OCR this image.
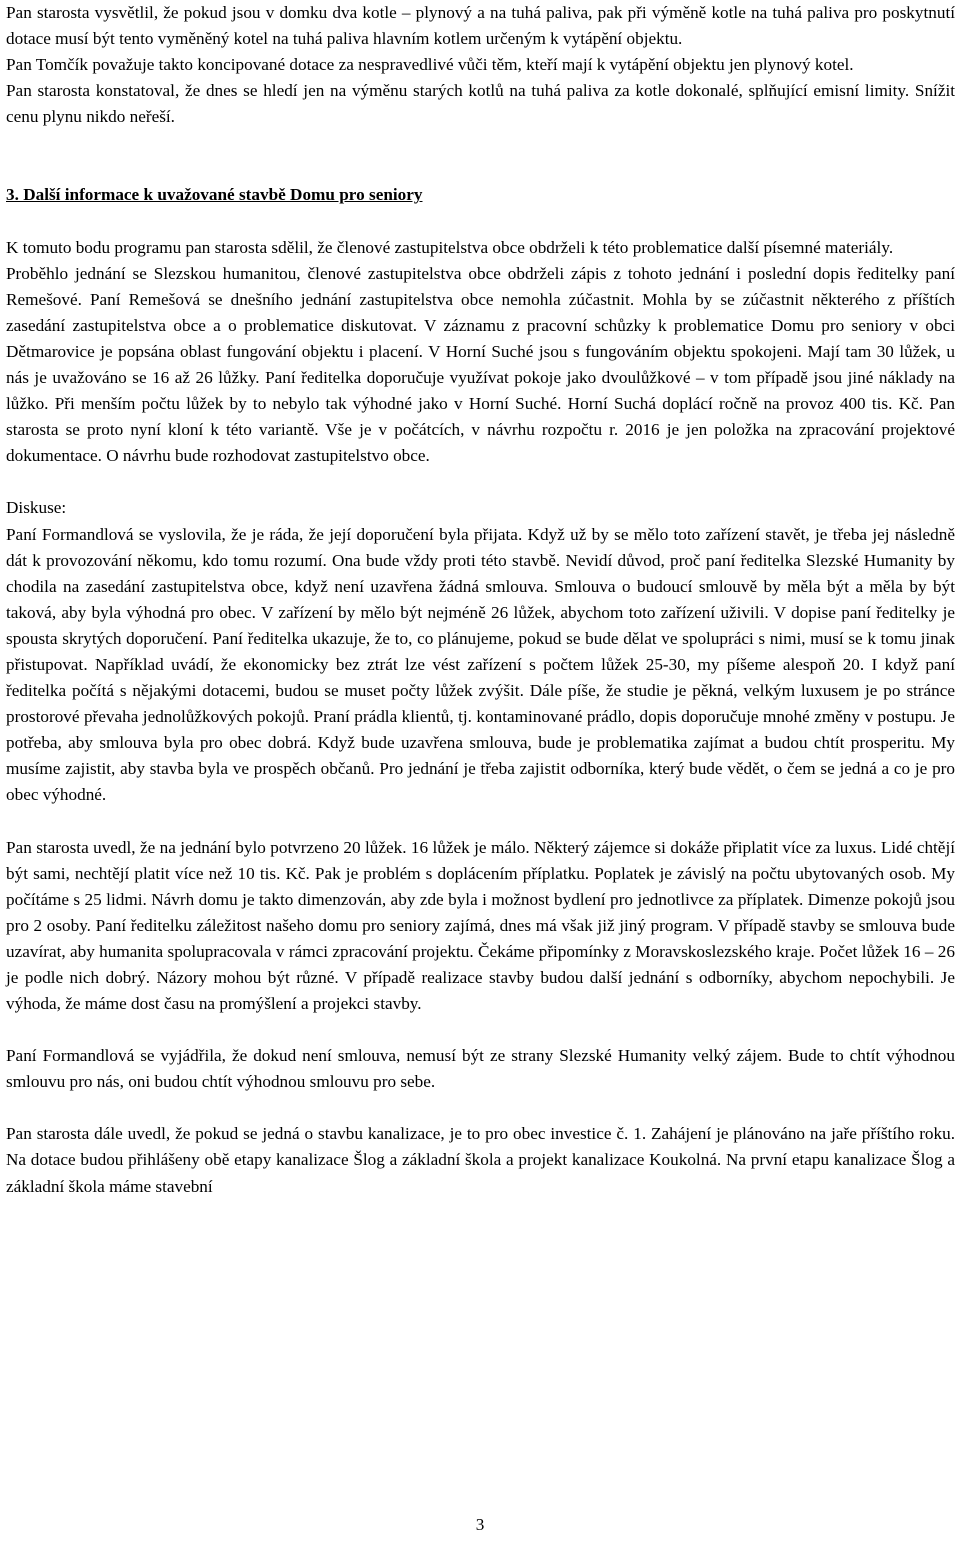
Pan starosta vysvětlil, že pokud jsou v domku dva kotle – plynový a na tuhá paliva, pak při výměně kotle na tuhá paliva pro poskytnutí dotace musí být tento vyměněný kotel na tuhá paliva hlavním kotlem určeným k vytápění objektu.

Pan Tomčík považuje takto koncipované dotace za nespravedlivé vůči těm, kteří mají k vytápění objektu jen plynový kotel.

Pan starosta konstatoval, že dnes se hledí jen na výměnu starých kotlů na tuhá paliva za kotle dokonalé, splňující emisní limity. Snížit cenu plynu nikdo neřeší.

3. Další informace k uvažované stavbě Domu pro seniory

K tomuto bodu programu pan starosta sdělil, že členové zastupitelstva obce obdrželi k této problematice další písemné materiály.

Proběhlo jednání se Slezskou humanitou, členové zastupitelstva obce obdrželi zápis z tohoto jednání i poslední dopis ředitelky paní Remešové. Paní Remešová se dnešního jednání zastupitelstva obce nemohla zúčastnit. Mohla by se zúčastnit některého z příštích zasedání zastupitelstva obce a o problematice diskutovat. V záznamu z pracovní schůzky k problematice Domu pro seniory v obci Dětmarovice je popsána oblast fungování objektu i placení. V Horní Suché jsou s fungováním objektu spokojeni. Mají tam 30 lůžek, u nás je uvažováno se 16 až 26 lůžky. Paní ředitelka doporučuje využívat pokoje jako dvoulůžkové – v tom případě jsou jiné náklady na lůžko. Při menším počtu lůžek by to nebylo tak výhodné jako v Horní Suché. Horní Suchá doplácí ročně na provoz 400 tis. Kč. Pan starosta se proto nyní kloní k této variantě. Vše je v počátcích, v návrhu rozpočtu r. 2016 je jen položka na zpracování projektové dokumentace. O návrhu bude rozhodovat zastupitelstvo obce.

Diskuse:

Paní Formandlová se vyslovila, že je ráda, že její doporučení byla přijata. Když už by se mělo toto zařízení stavět, je třeba jej následně dát k provozování někomu, kdo tomu rozumí. Ona bude vždy proti této stavbě. Nevidí důvod, proč paní ředitelka Slezské Humanity by chodila na zasedání zastupitelstva obce, když není uzavřena žádná smlouva. Smlouva o budoucí smlouvě by měla být a měla by být taková, aby byla výhodná pro obec. V zařízení by mělo být nejméně 26 lůžek, abychom toto zařízení uživili. V dopise paní ředitelky je spousta skrytých doporučení. Paní ředitelka ukazuje, že to, co plánujeme, pokud se bude dělat ve spolupráci s nimi, musí se k tomu jinak přistupovat. Například uvádí, že ekonomicky bez ztrát lze vést zařízení s počtem lůžek 25-30, my píšeme alespoň 20. I když paní ředitelka počítá s nějakými dotacemi, budou se muset počty lůžek zvýšit. Dále píše, že studie je pěkná, velkým luxusem je po stránce prostorové převaha jednolůžkových pokojů. Praní prádla klientů, tj. kontaminované prádlo, dopis doporučuje mnohé změny v postupu. Je potřeba, aby smlouva byla pro obec dobrá. Když bude uzavřena smlouva, bude je problematika zajímat a budou chtít prosperitu. My musíme zajistit, aby stavba byla ve prospěch občanů. Pro jednání je třeba zajistit odborníka, který bude vědět, o čem se jedná a co je pro obec výhodné.

Pan starosta uvedl, že na jednání bylo potvrzeno 20 lůžek. 16 lůžek je málo. Některý zájemce si dokáže připlatit více za luxus. Lidé chtějí být sami, nechtějí platit více než 10 tis. Kč. Pak je problém s doplácením příplatku. Poplatek je závislý na počtu ubytovaných osob. My počítáme s 25 lidmi. Návrh domu je takto dimenzován, aby zde byla i možnost bydlení pro jednotlivce za příplatek. Dimenze pokojů jsou pro 2 osoby. Paní ředitelku záležitost našeho domu pro seniory zajímá, dnes má však již jiný program. V případě stavby se smlouva bude uzavírat, aby humanita spolupracovala v rámci zpracování projektu. Čekáme připomínky z Moravskoslezského kraje. Počet lůžek 16 – 26 je podle nich dobrý. Názory mohou být různé. V případě realizace stavby budou další jednání s odborníky, abychom nepochybili. Je výhoda, že máme dost času na promýšlení a projekci stavby.

Paní Formandlová se vyjádřila, že dokud není smlouva, nemusí být ze strany Slezské Humanity velký zájem. Bude to chtít výhodnou smlouvu pro nás, oni budou chtít výhodnou smlouvu pro sebe.

Pan starosta dále uvedl, že pokud se jedná o stavbu kanalizace, je to pro obec investice č. 1. Zahájení je plánováno na jaře příštího roku. Na dotace budou přihlášeny obě etapy kanalizace Šlog a základní škola a projekt kanalizace Koukolná. Na první etapu kanalizace Šlog a základní škola máme stavební

3
